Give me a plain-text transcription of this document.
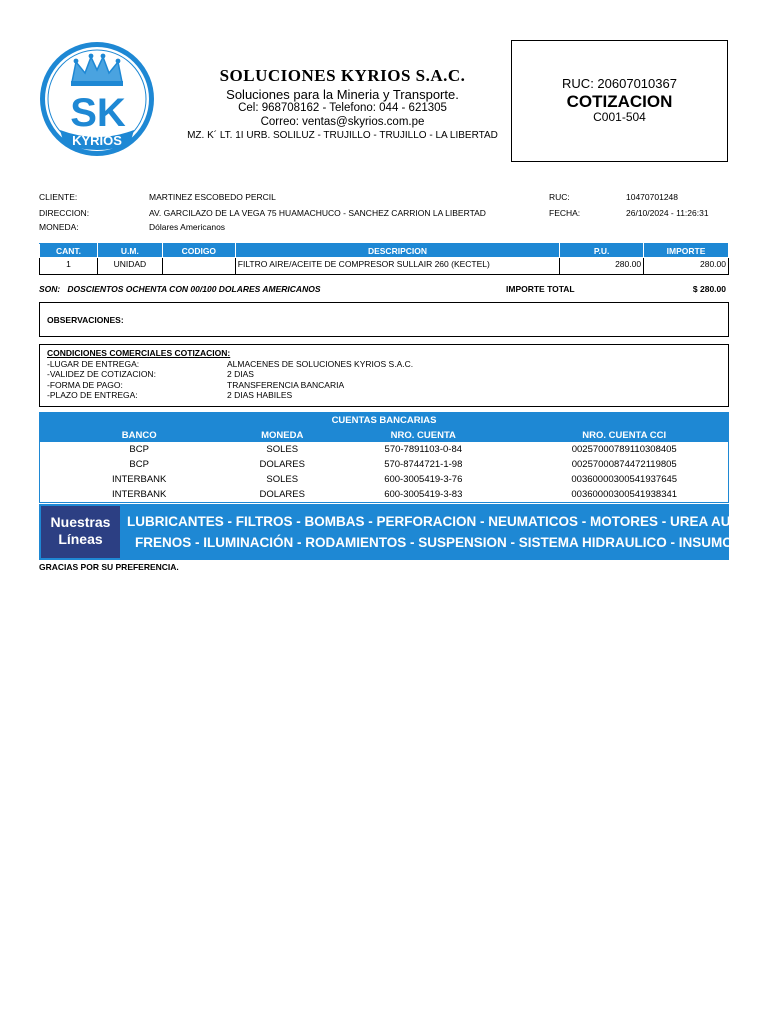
SK
KYRIOS
SOLUCIONES KYRIOS S.A.C.
Soluciones para la Mineria y Transporte.
Cel: 968708162 - Telefono: 044 - 621305
Correo: ventas@skyrios.com.pe
MZ. K´ LT. 1I URB. SOLILUZ - TRUJILLO - TRUJILLO - LA LIBERTAD
RUC: 20607010367
COTIZACION
C001-504
CLIENTE:	MARTINEZ ESCOBEDO PERCIL
DIRECCION:	AV. GARCILAZO DE LA VEGA 75 HUAMACHUCO - SANCHEZ CARRION LA LIBERTAD
MONEDA:	Dólares Americanos
RUC:	10470701248
FECHA:	26/10/2024 - 11:26:31
CANT.	U.M.	CODIGO	DESCRIPCION	P.U.	IMPORTE
1	UNIDAD		FILTRO AIRE/ACEITE DE COMPRESOR SULLAIR 260 (KECTEL)	280.00	280.00
SON:   DOSCIENTOS OCHENTA CON 00/100 DOLARES AMERICANOS	IMPORTE TOTAL	$ 280.00
OBSERVACIONES:
CONDICIONES COMERCIALES COTIZACION:
-LUGAR DE ENTREGA:	ALMACENES DE SOLUCIONES KYRIOS S.A.C.
-VALIDEZ DE COTIZACION:	2 DIAS
-FORMA DE PAGO:	TRANSFERENCIA BANCARIA
-PLAZO DE ENTREGA:	2 DIAS HABILES
CUENTAS BANCARIAS
BANCO	MONEDA	NRO. CUENTA	NRO. CUENTA CCI
BCP	SOLES	570-7891103-0-84	00257000789110308405
BCP	DOLARES	570-8744721-1-98	00257000874472119805
INTERBANK	SOLES	600-3005419-3-76	00360000300541937645
INTERBANK	DOLARES	600-3005419-3-83	00360000300541938341
Nuestras
Líneas
LUBRICANTES - FILTROS - BOMBAS - PERFORACION - NEUMATICOS - MOTORES - UREA AUTOM.
FRENOS - ILUMINACIÓN - RODAMIENTOS - SUSPENSION - SISTEMA HIDRAULICO - INSUMOS
GRACIAS POR SU PREFERENCIA.
